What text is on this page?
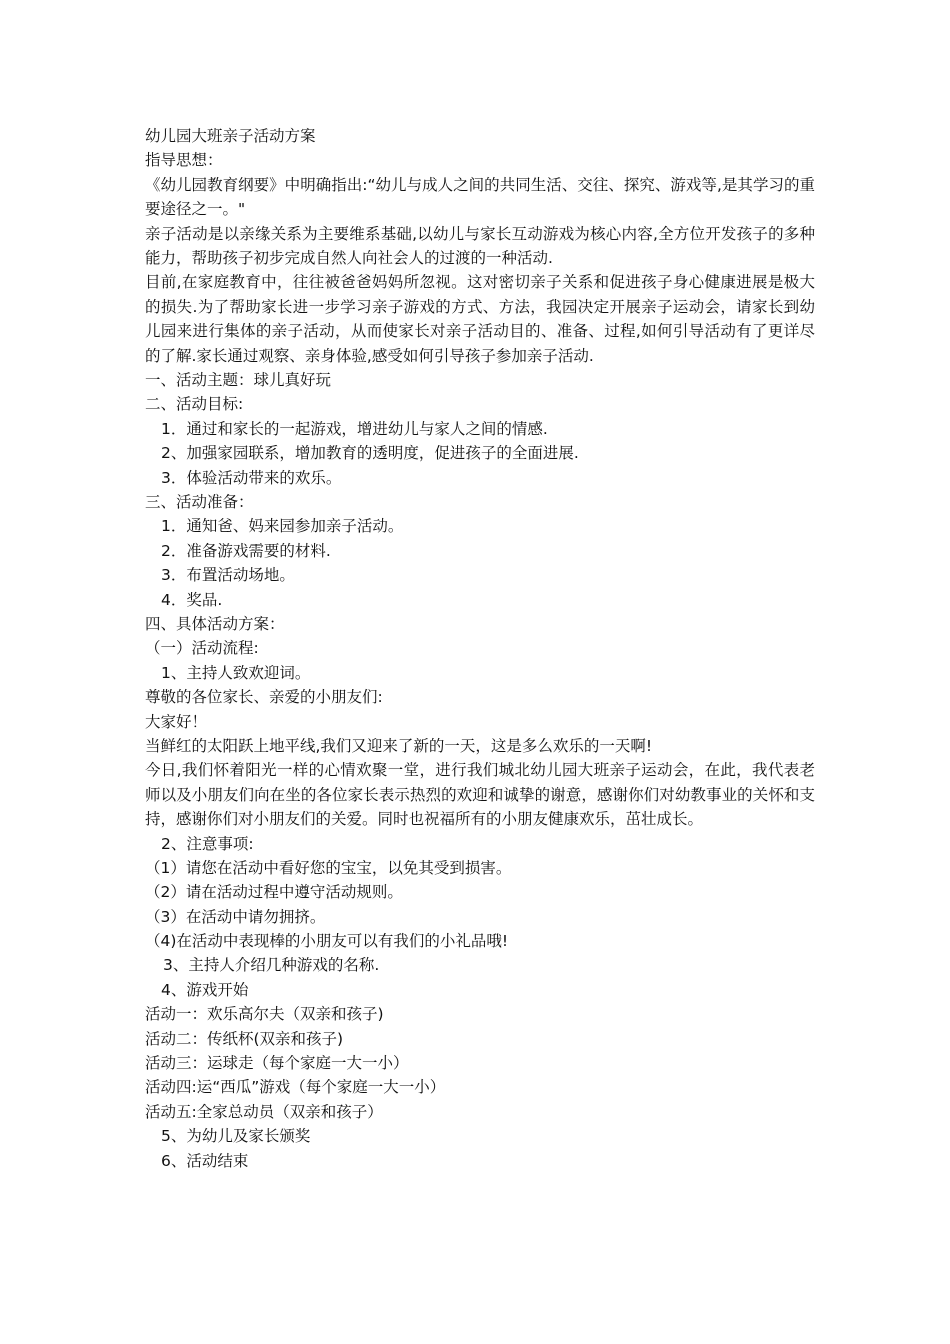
幼儿园大班亲子活动方案
指导思想：
《幼儿园教育纲要》中明确指出:“幼儿与成人之间的共同生活、交往、探究、游戏等,是其学习的重要途径之一。"
亲子活动是以亲缘关系为主要维系基础,以幼儿与家长互动游戏为核心内容,全方位开发孩子的多种能力，帮助孩子初步完成自然人向社会人的过渡的一种活动.
目前,在家庭教育中，往往被爸爸妈妈所忽视。这对密切亲子关系和促进孩子身心健康进展是极大的损失.为了帮助家长进一步学习亲子游戏的方式、方法，我园决定开展亲子运动会，请家长到幼儿园来进行集体的亲子活动，从而使家长对亲子活动目的、准备、过程,如何引导活动有了更详尽的了解.家长通过观察、亲身体验,感受如何引导孩子参加亲子活动.
一、活动主题：球儿真好玩
二、活动目标:
1．通过和家长的一起游戏，增进幼儿与家人之间的情感.
2、加强家园联系，增加教育的透明度，促进孩子的全面进展.
3．体验活动带来的欢乐。
三、活动准备：
1．通知爸、妈来园参加亲子活动。
2．准备游戏需要的材料.
3．布置活动场地。
4．奖品.
四、具体活动方案：
（一）活动流程:
1、主持人致欢迎词。
尊敬的各位家长、亲爱的小朋友们:
大家好！
当鲜红的太阳跃上地平线,我们又迎来了新的一天，这是多么欢乐的一天啊!
今日,我们怀着阳光一样的心情欢聚一堂，进行我们城北幼儿园大班亲子运动会，在此，我代表老师以及小朋友们向在坐的各位家长表示热烈的欢迎和诚挚的谢意，感谢你们对幼教事业的关怀和支持，感谢你们对小朋友们的关爱。同时也祝福所有的小朋友健康欢乐，茁壮成长。
2、注意事项:
（1）请您在活动中看好您的宝宝，以免其受到损害。
（2）请在活动过程中遵守活动规则。
（3）在活动中请勿拥挤。
（4)在活动中表现棒的小朋友可以有我们的小礼品哦!
3、主持人介绍几种游戏的名称.
4、游戏开始
活动一：欢乐高尔夫（双亲和孩子)
活动二：传纸杯(双亲和孩子)
活动三：运球走（每个家庭一大一小）
活动四:运“西瓜”游戏（每个家庭一大一小）
活动五:全家总动员（双亲和孩子）
5、为幼儿及家长颁奖
6、活动结束
